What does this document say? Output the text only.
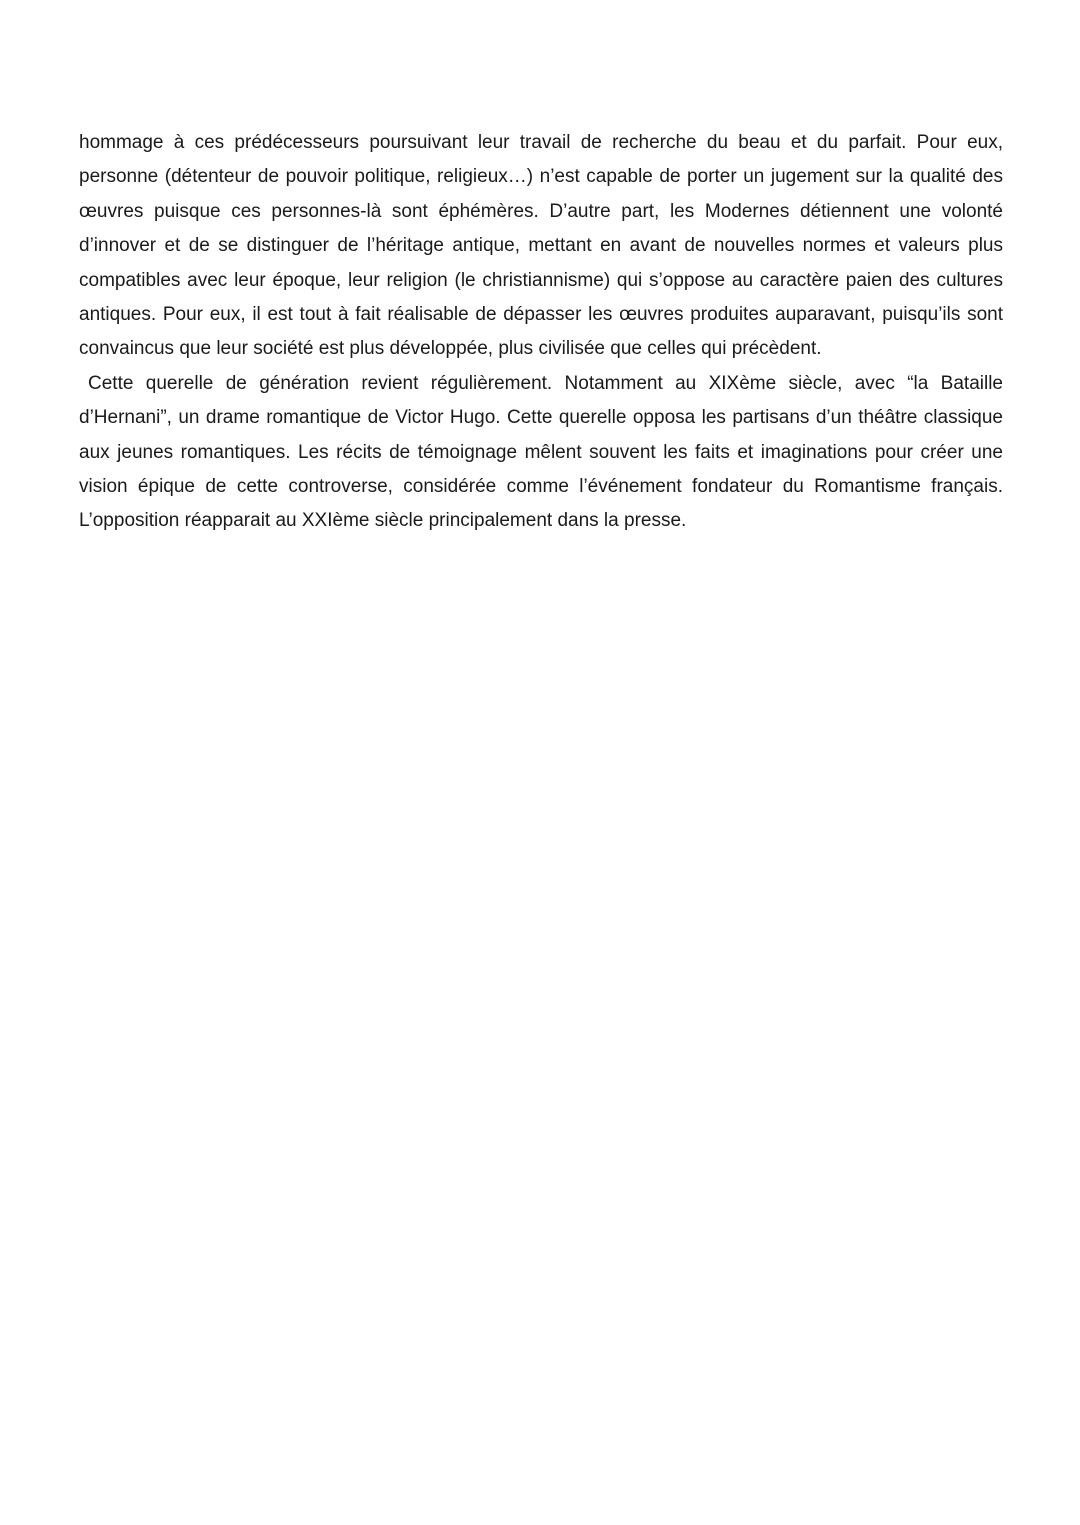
hommage à ces prédécesseurs poursuivant leur travail de recherche du beau et du parfait. Pour eux, personne (détenteur de pouvoir politique, religieux…) n’est capable de porter un jugement sur la qualité des œuvres puisque ces personnes-là sont éphémères. D’autre part, les Modernes détiennent une volonté d’innover et de se distinguer de l’héritage antique, mettant en avant de nouvelles normes et valeurs plus compatibles avec leur époque, leur religion (le christiannisme) qui s’oppose au caractère paien des cultures antiques. Pour eux, il est tout à fait réalisable de dépasser les œuvres produites auparavant, puisqu’ils sont convaincus que leur société est plus développée, plus civilisée que celles qui précèdent.

Cette querelle de génération revient régulièrement. Notamment au XIXème siècle, avec “la Bataille d’Hernani”, un drame romantique de Victor Hugo. Cette querelle opposa les partisans d’un théâtre classique aux jeunes romantiques. Les récits de témoignage mêlent souvent les faits et imaginations pour créer une vision épique de cette controverse, considérée comme l’événement fondateur du Romantisme français. L’opposition réapparait au XXIème siècle principalement dans la presse.
